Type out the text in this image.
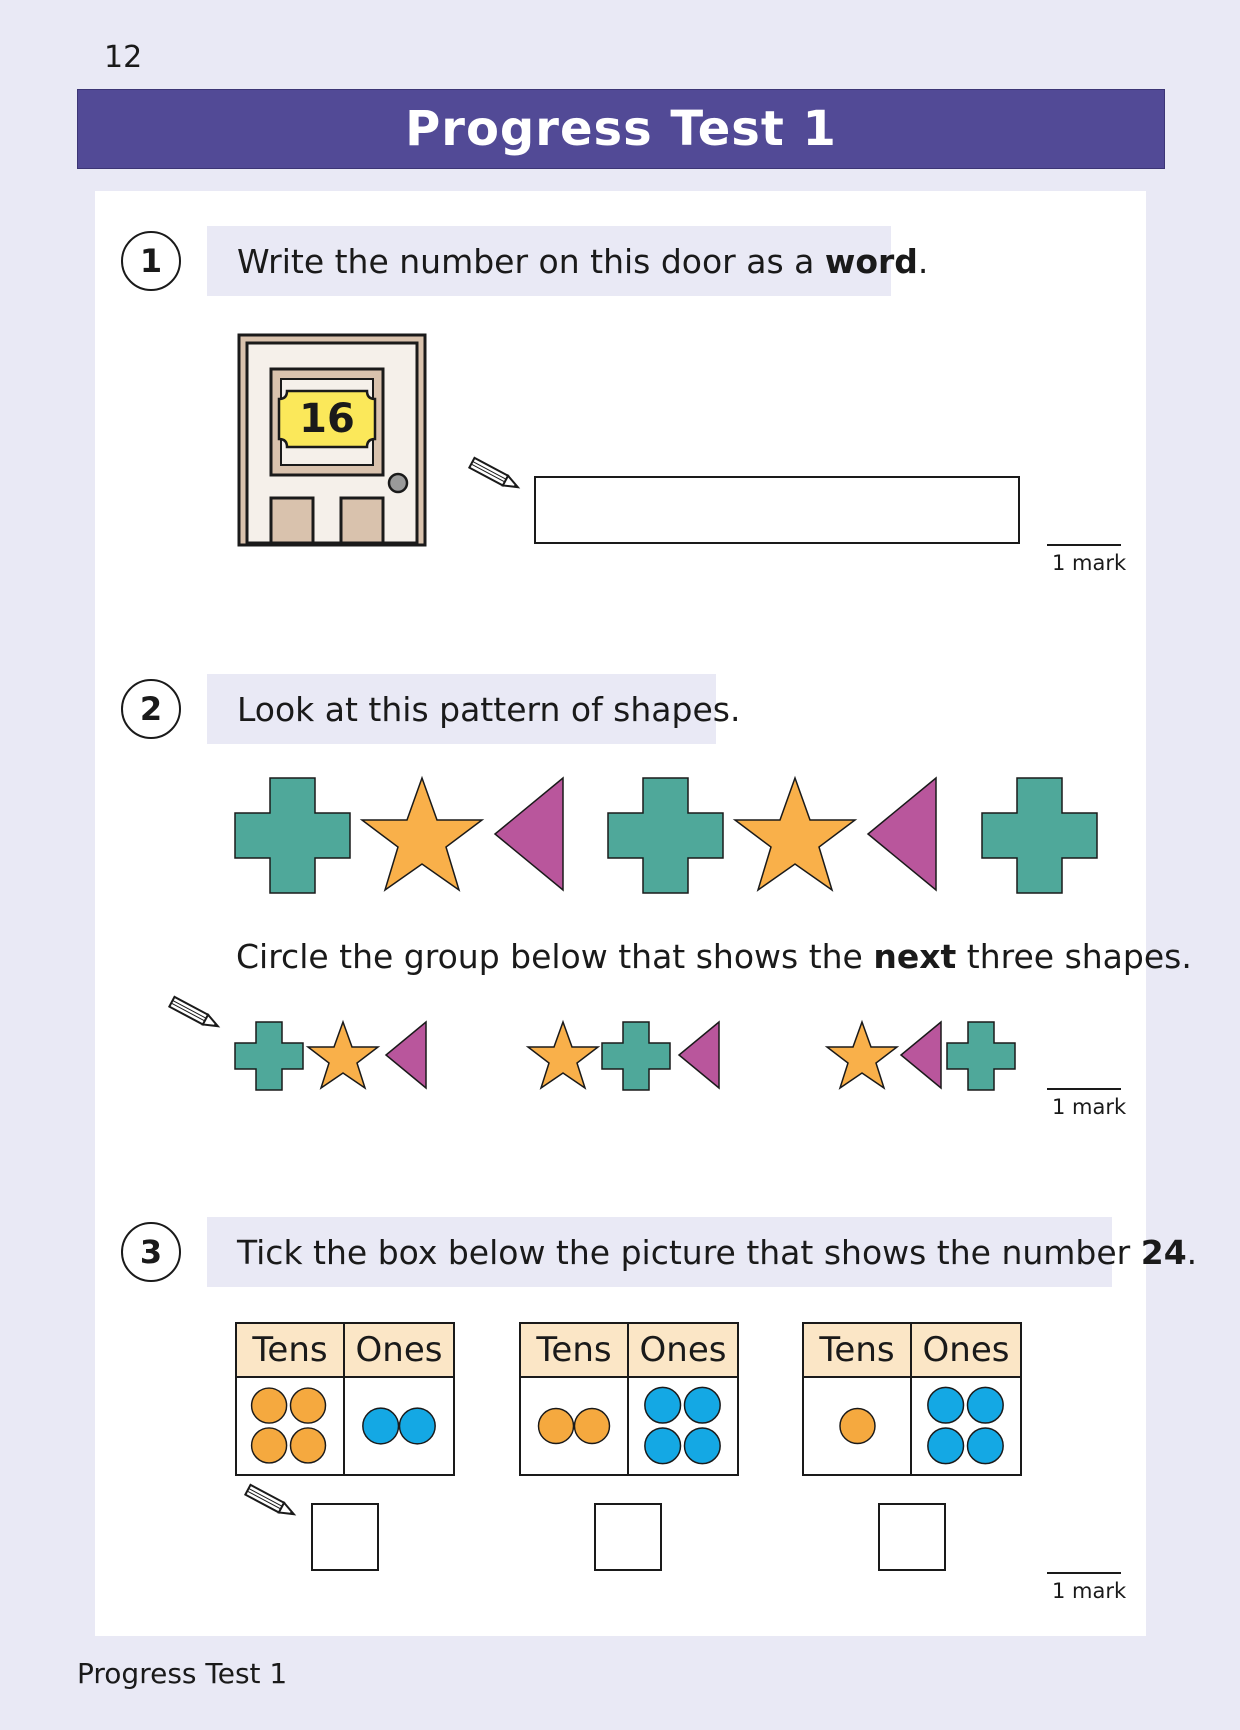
12
Progress Test 1
1	Write the number on this door as a word .
16
1 mark
2	Look at this pattern of shapes.
Circle the group below that shows the next three shapes.
1 mark
3	Tick the box below the picture that shows the number 24 .
Tens Ones	Tens Ones	Tens Ones
1 mark
Progress Test 1
